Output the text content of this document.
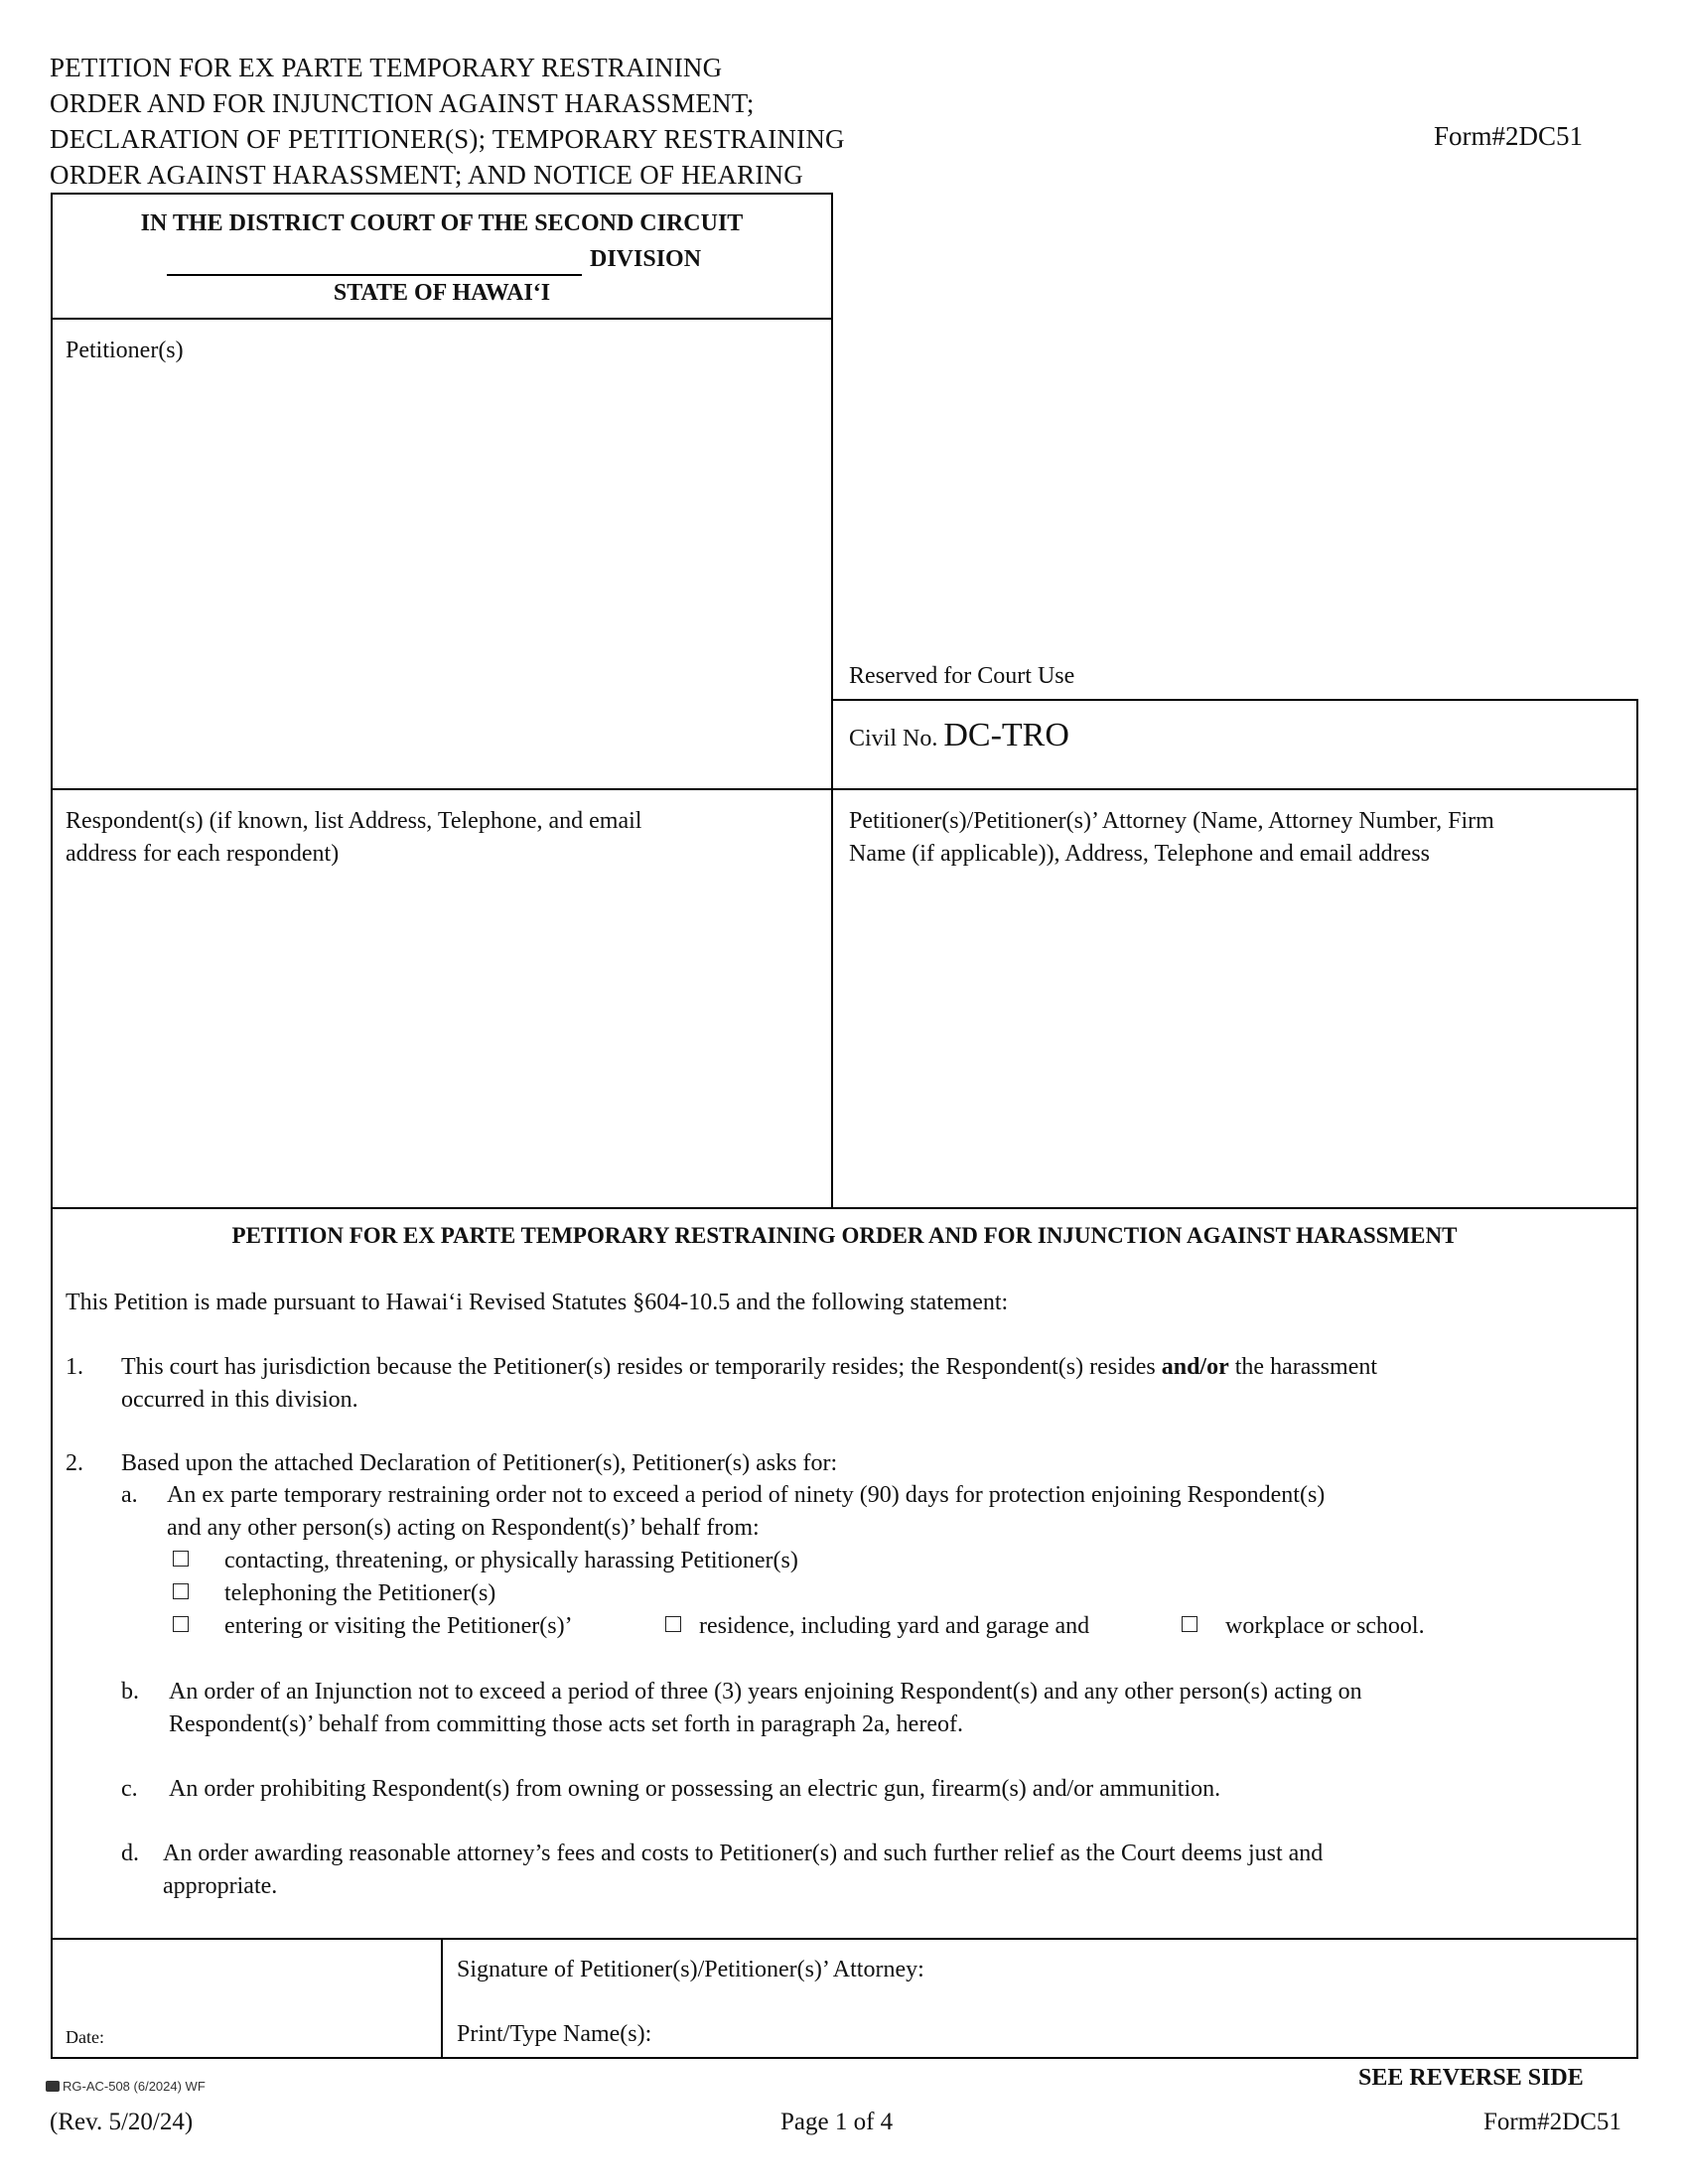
PETITION FOR EX PARTE TEMPORARY RESTRAINING
ORDER AND FOR INJUNCTION AGAINST HARASSMENT;
DECLARATION OF PETITIONER(S); TEMPORARY RESTRAINING
ORDER AGAINST HARASSMENT; AND NOTICE OF HEARING
Form#2DC51
IN THE DISTRICT COURT OF THE SECOND CIRCUIT
DIVISION
STATE OF HAWAI‘I
Petitioner(s)
Reserved for Court Use
Civil No. DC-TRO
Respondent(s) (if known, list Address, Telephone, and email
address for each respondent)
Petitioner(s)/Petitioner(s)’ Attorney (Name, Attorney Number, Firm
Name (if applicable)), Address, Telephone and email address
PETITION FOR EX PARTE TEMPORARY RESTRAINING ORDER AND FOR INJUNCTION AGAINST HARASSMENT
This Petition is made pursuant to Hawai‘i Revised Statutes §604-10.5 and the following statement:
1. This court has jurisdiction because the Petitioner(s) resides or temporarily resides; the Respondent(s) resides and/or the harassment
occurred in this division.
2. Based upon the attached Declaration of Petitioner(s), Petitioner(s) asks for:
a. An ex parte temporary restraining order not to exceed a period of ninety (90) days for protection enjoining Respondent(s)
and any other person(s) acting on Respondent(s)’ behalf from:
contacting, threatening, or physically harassing Petitioner(s)
telephoning the Petitioner(s)
entering or visiting the Petitioner(s)’	residence, including yard and garage and	workplace or school.
b. An order of an Injunction not to exceed a period of three (3) years enjoining Respondent(s) and any other person(s) acting on
Respondent(s)’ behalf from committing those acts set forth in paragraph 2a, hereof.
c. An order prohibiting Respondent(s) from owning or possessing an electric gun, firearm(s) and/or ammunition.
d. An order awarding reasonable attorney’s fees and costs to Petitioner(s) and such further relief as the Court deems just and
appropriate.
Date:
Signature of Petitioner(s)/Petitioner(s)’ Attorney:
Print/Type Name(s):
SEE REVERSE SIDE
RG-AC-508 (6/2024) WF
(Rev. 5/20/24)	Page 1 of 4	Form#2DC51
